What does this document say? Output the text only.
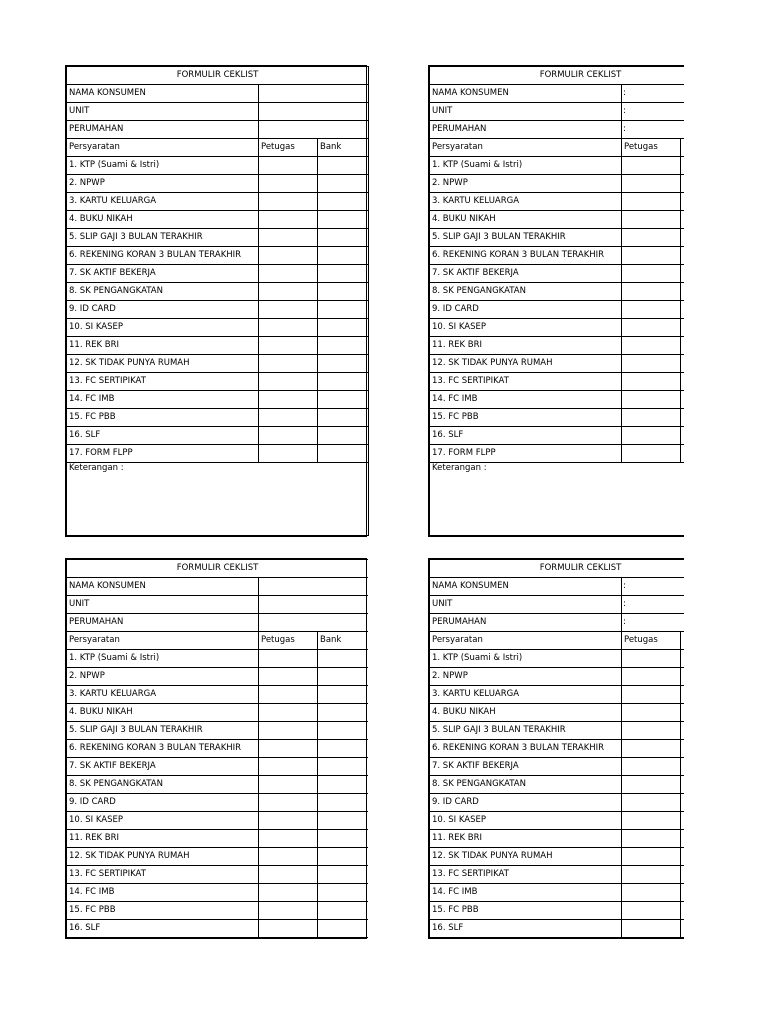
FORMULIR CEKLIST		
NAMA KONSUMEN		
UNIT		
PERUMAHAN		
Persyaratan	Petugas	Bank
1. KTP (Suami & Istri)		
2. NPWP		
3. KARTU KELUARGA		
4. BUKU NIKAH		
5. SLIP GAJI 3 BULAN TERAKHIR		
6. REKENING KORAN 3 BULAN TERAKHIR		
7. SK AKTIF BEKERJA		
8. SK PENGANGKATAN		
9. ID CARD		
10. SI KASEP		
11. REK BRI		
12. SK TIDAK PUNYA RUMAH		
13. FC SERTIPIKAT		
14. FC IMB		
15. FC PBB		
16. SLF		
17. FORM FLPP		
Keterangan :		
FORMULIR CEKLIST		
NAMA KONSUMEN	:	
UNIT	:	
PERUMAHAN	:	
Persyaratan	Petugas	
1. KTP (Suami & Istri)		
2. NPWP		
3. KARTU KELUARGA		
4. BUKU NIKAH		
5. SLIP GAJI 3 BULAN TERAKHIR		
6. REKENING KORAN 3 BULAN TERAKHIR		
7. SK AKTIF BEKERJA		
8. SK PENGANGKATAN		
9. ID CARD		
10. SI KASEP		
11. REK BRI		
12. SK TIDAK PUNYA RUMAH		
13. FC SERTIPIKAT		
14. FC IMB		
15. FC PBB		
16. SLF		
17. FORM FLPP		
Keterangan :		
FORMULIR CEKLIST		
NAMA KONSUMEN		
UNIT		
PERUMAHAN		
Persyaratan	Petugas	Bank
1. KTP (Suami & Istri)		
2. NPWP		
3. KARTU KELUARGA		
4. BUKU NIKAH		
5. SLIP GAJI 3 BULAN TERAKHIR		
6. REKENING KORAN 3 BULAN TERAKHIR		
7. SK AKTIF BEKERJA		
8. SK PENGANGKATAN		
9. ID CARD		
10. SI KASEP		
11. REK BRI		
12. SK TIDAK PUNYA RUMAH		
13. FC SERTIPIKAT		
14. FC IMB		
15. FC PBB		
16. SLF		
FORMULIR CEKLIST		
NAMA KONSUMEN	:	
UNIT	:	
PERUMAHAN	:	
Persyaratan	Petugas	
1. KTP (Suami & Istri)		
2. NPWP		
3. KARTU KELUARGA		
4. BUKU NIKAH		
5. SLIP GAJI 3 BULAN TERAKHIR		
6. REKENING KORAN 3 BULAN TERAKHIR		
7. SK AKTIF BEKERJA		
8. SK PENGANGKATAN		
9. ID CARD		
10. SI KASEP		
11. REK BRI		
12. SK TIDAK PUNYA RUMAH		
13. FC SERTIPIKAT		
14. FC IMB		
15. FC PBB		
16. SLF		
